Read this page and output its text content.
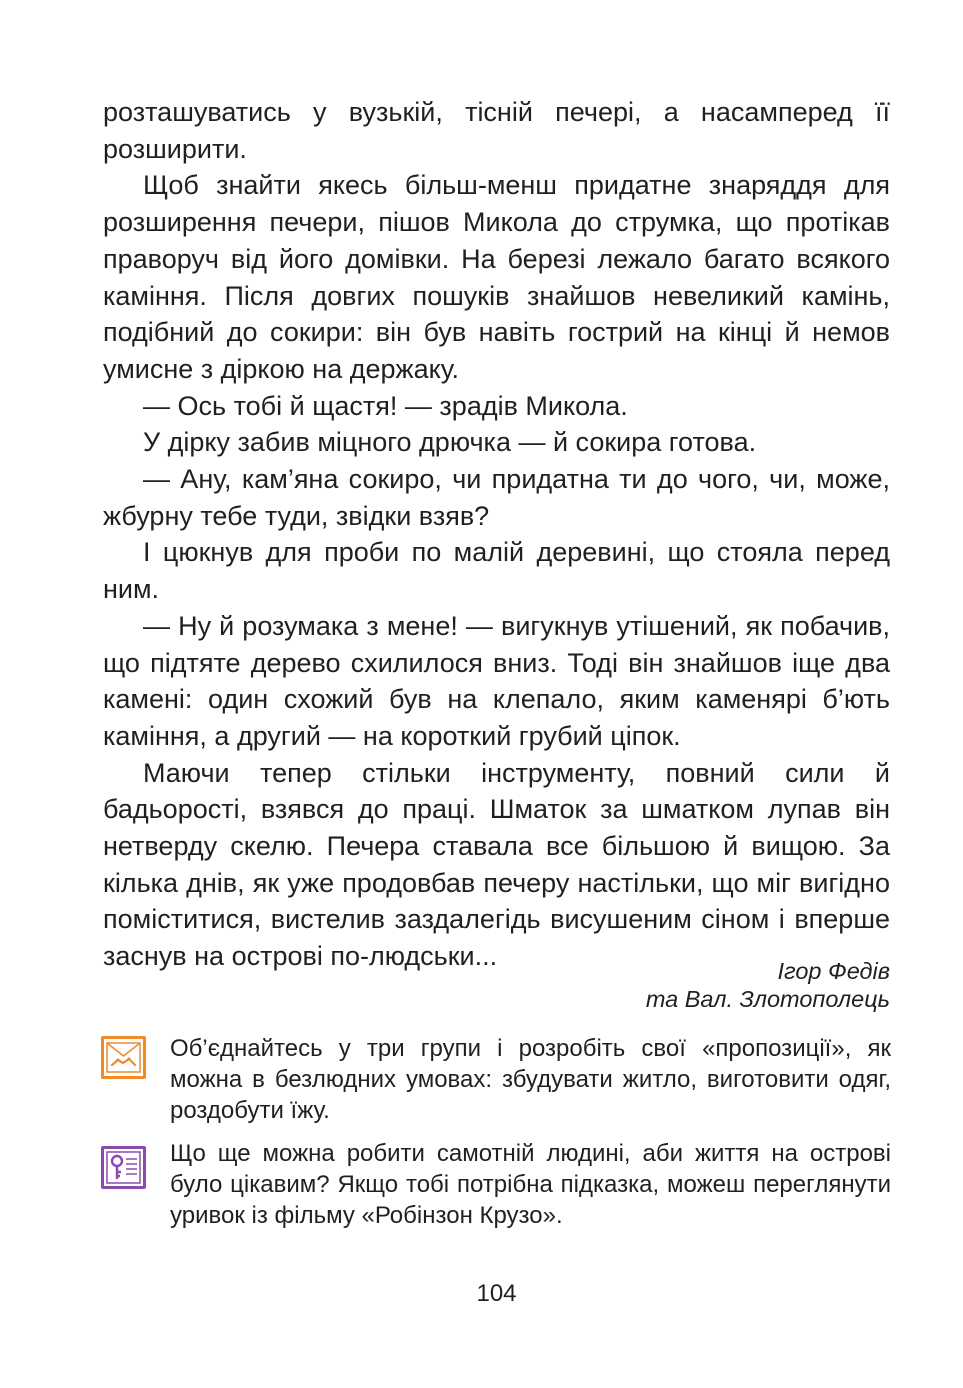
розташуватись у вузькій, тісній печері, а насамперед її розширити.

Щоб знайти якесь більш-менш придатне знаряддя для розширення печери, пішов Микола до струмка, що протікав праворуч від його домівки. На березі лежало багато всякого каміння. Після довгих пошуків знайшов невеликий камінь, подібний до сокири: він був навіть гострий на кінці й немов умисне з діркою на держаку.

— Ось тобі й щастя! — зрадів Микола.

У дірку забив міцного дрючка — й сокира готова.

— Ану, кам’яна сокиро, чи придатна ти до чого, чи, може, жбурну тебе туди, звідки взяв?

І цюкнув для проби по малій деревині, що стояла перед ним.

— Ну й розумака з мене! — вигукнув утішений, як побачив, що підтяте дерево схилилося вниз. Тоді він знайшов іще два камені: один схожий був на клепало, яким каменярі б’ють каміння, а другий — на короткий грубий ціпок.

Маючи тепер стільки інструменту, повний сили й бадьорості, взявся до праці. Шматок за шматком лупав він нетверду скелю. Печера ставала все більшою й вищою. За кілька днів, як уже продовбав печеру настільки, що міг вигідно поміститися, вистелив заздалегідь висушеним сіном і вперше заснув на острові по-людськи...	Ігор Федів
та Вал. Злотополець
Об’єднайтесь у три групи і розробіть свої «пропозиції», як можна в безлюдних умовах: збудувати житло, виготовити одяг, роздобути їжу.
Що ще можна робити самотній людині, аби життя на острові було цікавим? Якщо тобі потрібна підказка, можеш переглянути уривок із фільму «Робінзон Крузо».
104
